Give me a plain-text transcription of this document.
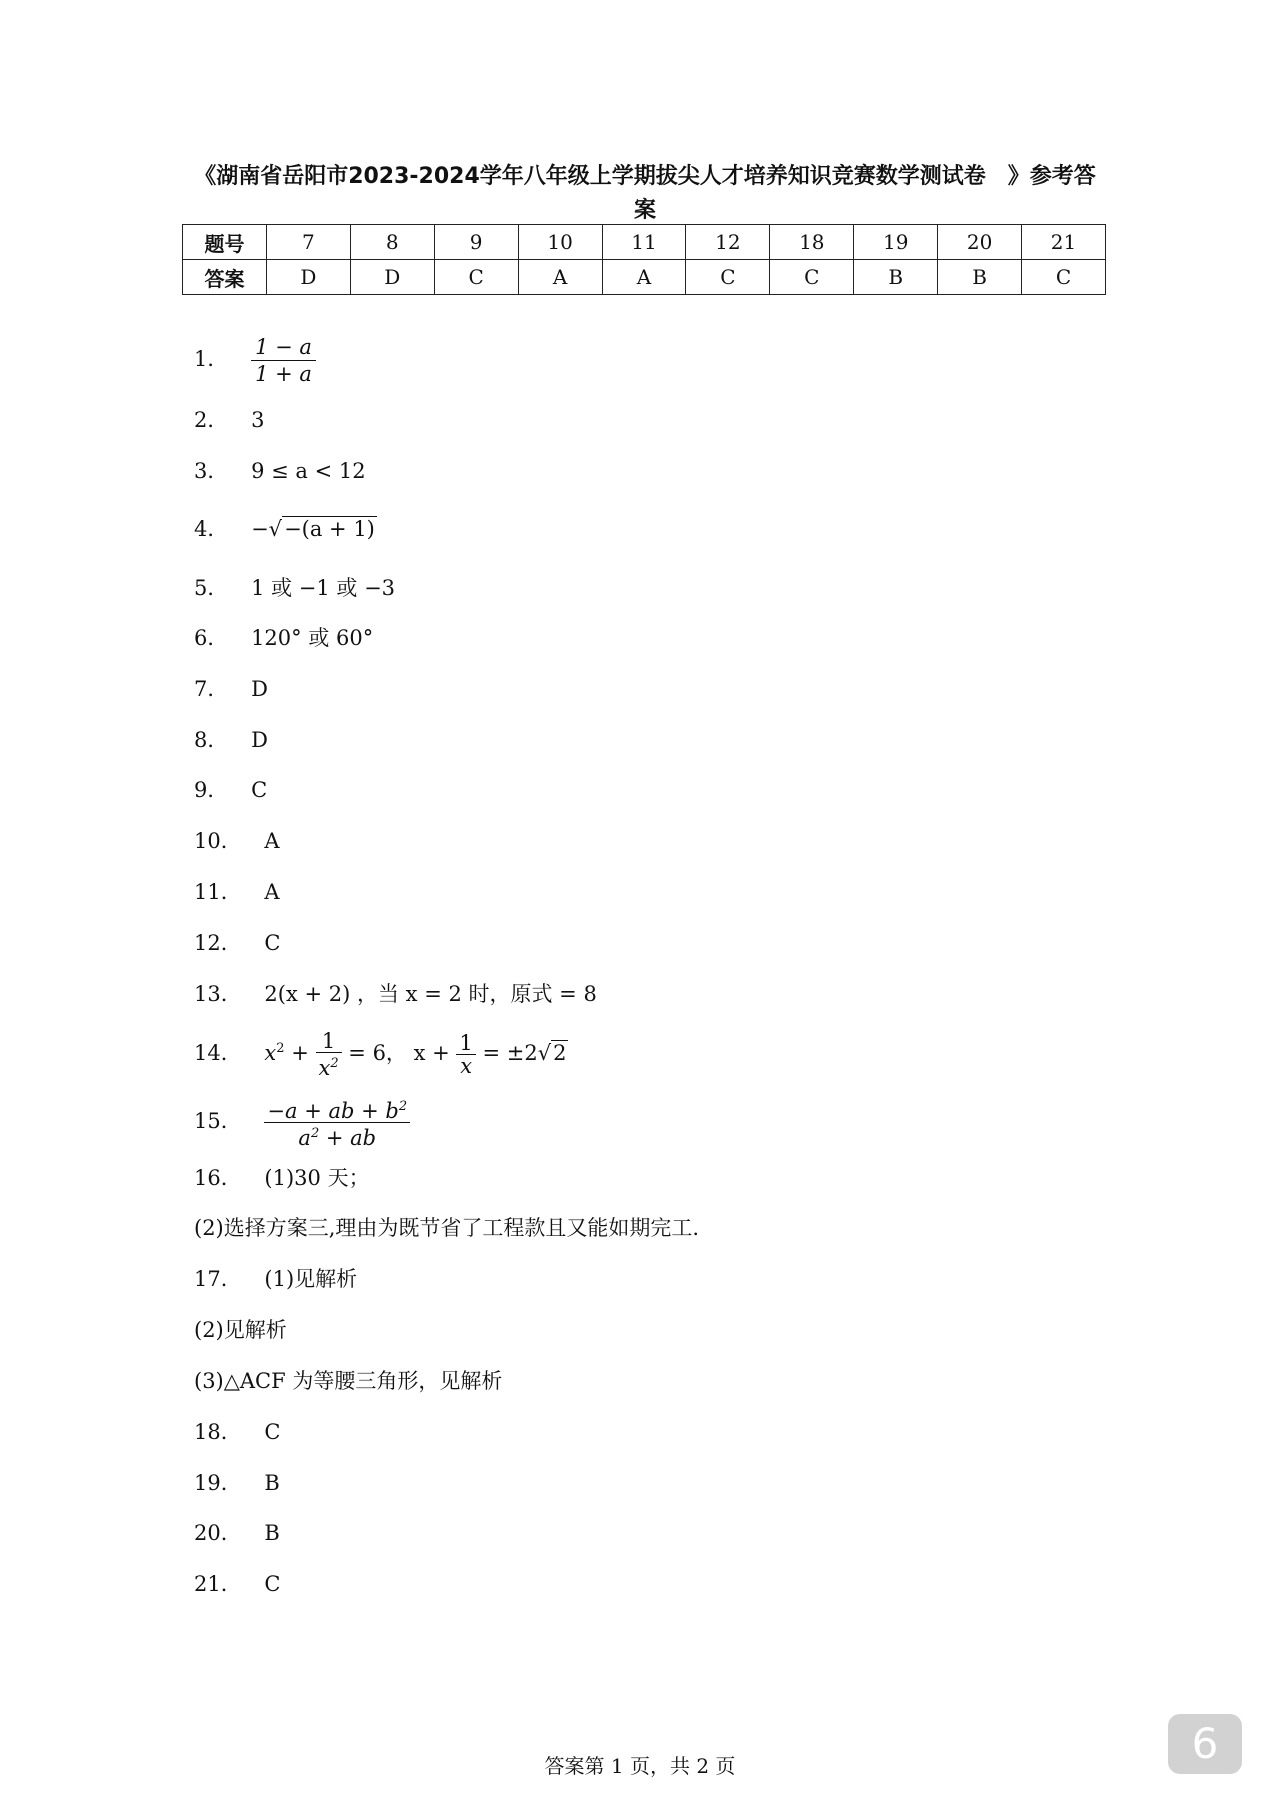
《湖南省岳阳市2023-2024学年八年级上学期拔尖人才培养知识竞赛数学测试卷　》参考答案
题号	7	8	9	10	11	12	18	19	20	21
答案	D	D	C	A	A	C	C	B	B	C
1． $\frac{1 - a}{1 + a}$
2． 3
3． 9 ≤ a < 12
4． −√−(a + 1)
5． 1 或 −1 或 −3
6． 120° 或 60°
7． D
8． D
9． C
10． A
11． A
12． C
13． 2(x + 2) ，当 x = 2 时，原式 = 8
14． $x^2 + \frac{1}{x^2} = 6$， $x + \frac{1}{x} = \pm 2√2$
15． $\frac{-a + ab + b^2}{a^2 + ab}$
16． (1)30 天；
(2)选择方案三,理由为既节省了工程款且又能如期完工.
17． (1)见解析
(2)见解析
(3)△ACF 为等腰三角形，见解析
18． C
19． B
20． B
21． C
答案第 1 页，共 2 页	6
